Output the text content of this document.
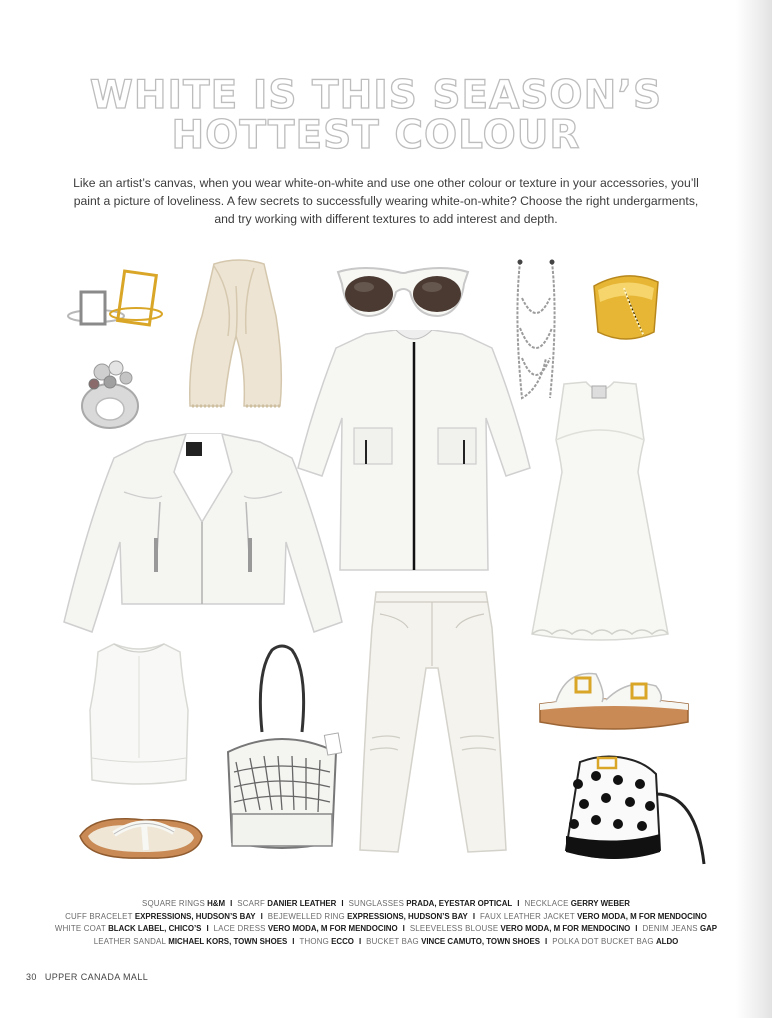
WHITE IS THIS SEASON’S
HOTTEST COLOUR
Like an artist’s canvas, when you wear white-on-white and use one other colour or texture in your accessories, you’ll paint a picture of loveliness. A few secrets to successfully wearing white-on-white? Choose the right undergarments, and try working with different textures to add interest and depth.
SQUARE RINGS H&M I SCARF DANIER LEATHER I SUNGLASSES PRADA, EYESTAR OPTICAL I NECKLACE GERRY WEBER
CUFF BRACELET EXPRESSIONS, HUDSON’S BAY I BEJEWELLED RING EXPRESSIONS, HUDSON’S BAY I FAUX LEATHER JACKET VERO MODA, M FOR MENDOCINO
WHITE COAT BLACK LABEL, CHICO’S I LACE DRESS VERO MODA, M FOR MENDOCINO I SLEEVELESS BLOUSE VERO MODA, M FOR MENDOCINO I DENIM JEANS GAP
LEATHER SANDAL MICHAEL KORS, TOWN SHOES I THONG ECCO I BUCKET BAG VINCE CAMUTO, TOWN SHOES I POLKA DOT BUCKET BAG ALDO
30 UPPER CANADA MALL
